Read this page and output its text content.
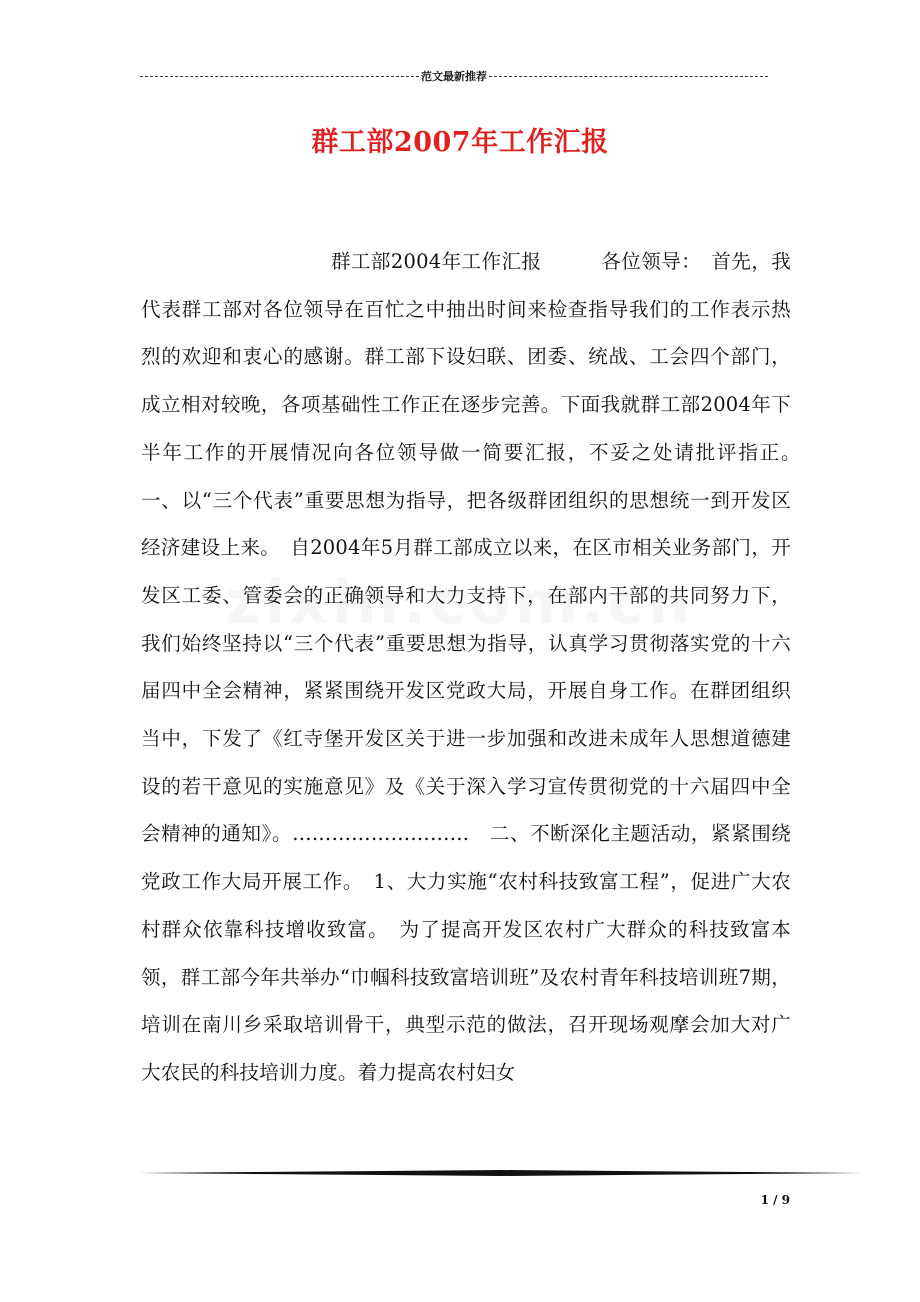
范文最新推荐
群工部2007年工作汇报
群工部2004年工作汇报　　　各位领导：　首先，我代表群工部对各位领导在百忙之中抽出时间来检查指导我们的工作表示热烈的欢迎和衷心的感谢。群工部下设妇联、团委、统战、工会四个部门，成立相对较晚，各项基础性工作正在逐步完善。下面我就群工部2004年下半年工作的开展情况向各位领导做一简要汇报，不妥之处请批评指正。　一、以“三个代表”重要思想为指导，把各级群团组织的思想统一到开发区经济建设上来。　自2004年5月群工部成立以来，在区市相关业务部门，开发区工委、管委会的正确领导和大力支持下，在部内干部的共同努力下，我们始终坚持以“三个代表”重要思想为指导，认真学习贯彻落实党的十六届四中全会精神，紧紧围绕开发区党政大局，开展自身工作。在群团组织当中，下发了《红寺堡开发区关于进一步加强和改进未成年人思想道德建设的若干意见的实施意见》及《关于深入学习宣传贯彻党的十六届四中全会精神的通知》。………………………　二、不断深化主题活动，紧紧围绕党政工作大局开展工作。　1、大力实施“农村科技致富工程”，促进广大农村群众依靠科技增收致富。　为了提高开发区农村广大群众的科技致富本领，群工部今年共举办“巾帼科技致富培训班”及农村青年科技培训班7期，培训在南川乡采取培训骨干，典型示范的做法，召开现场观摩会加大对广大农民的科技培训力度。着力提高农村妇女
1 / 9
